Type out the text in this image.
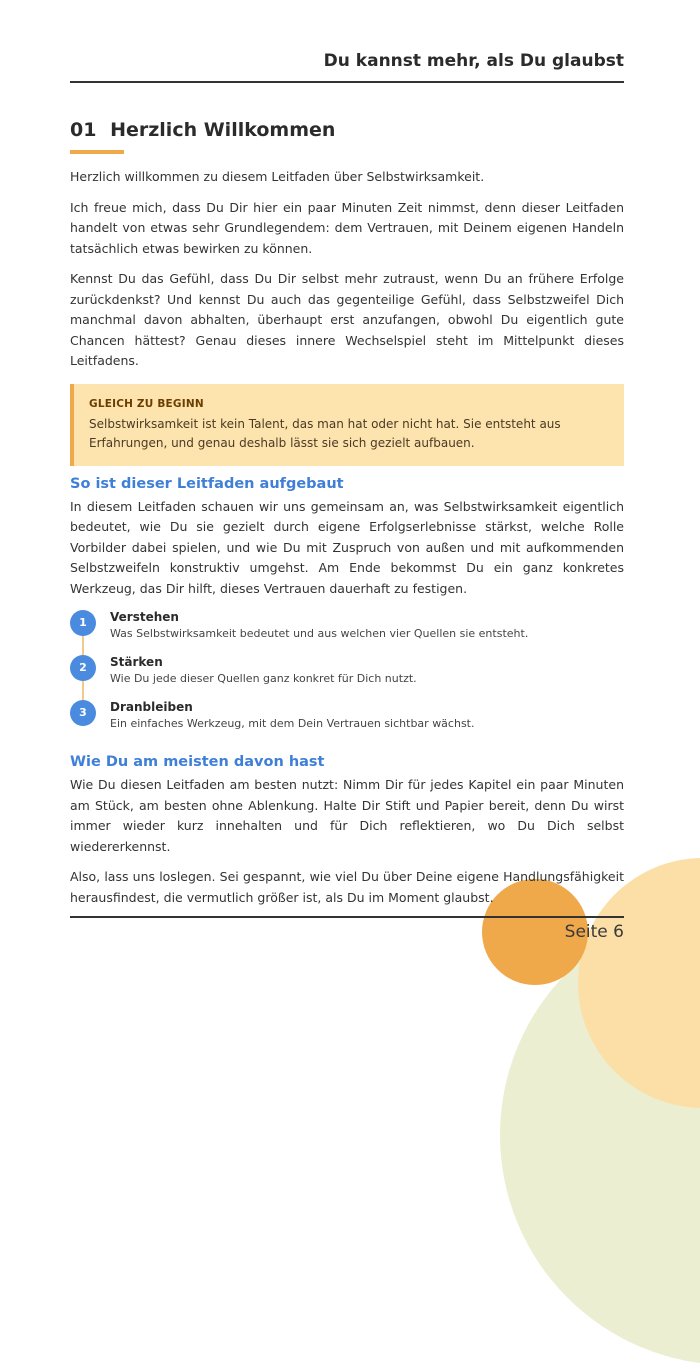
Du kannst mehr, als Du glaubst
01 Herzlich Willkommen

Herzlich willkommen zu diesem Leitfaden über Selbstwirksamkeit.

Ich freue mich, dass Du Dir hier ein paar Minuten Zeit nimmst, denn dieser Leitfaden handelt von etwas sehr Grundlegendem: dem Vertrauen, mit Deinem eigenen Handeln tatsächlich etwas bewirken zu können.

Kennst Du das Gefühl, dass Du Dir selbst mehr zutraust, wenn Du an frühere Erfolge zurückdenkst? Und kennst Du auch das gegenteilige Gefühl, dass Selbstzweifel Dich manchmal davon abhalten, überhaupt erst anzufangen, obwohl Du eigentlich gute Chancen hättest? Genau dieses innere Wechselspiel steht im Mittelpunkt dieses Leitfadens.

GLEICH ZU BEGINN
Selbstwirksamkeit ist kein Talent, das man hat oder nicht hat. Sie entsteht aus Erfahrungen, und genau deshalb lässt sie sich gezielt aufbauen.
So ist dieser Leitfaden aufgebaut

In diesem Leitfaden schauen wir uns gemeinsam an, was Selbstwirksamkeit eigentlich bedeutet, wie Du sie gezielt durch eigene Erfolgserlebnisse stärkst, welche Rolle Vorbilder dabei spielen, und wie Du mit Zuspruch von außen und mit aufkommenden Selbstzweifeln konstruktiv umgehst. Am Ende bekommst Du ein ganz konkretes Werkzeug, das Dir hilft, dieses Vertrauen dauerhaft zu festigen.

1	Verstehen
Was Selbstwirksamkeit bedeutet und aus welchen vier Quellen sie entsteht.
2	Stärken
Wie Du jede dieser Quellen ganz konkret für Dich nutzt.
3	Dranbleiben
Ein einfaches Werkzeug, mit dem Dein Vertrauen sichtbar wächst.
Wie Du am meisten davon hast

Wie Du diesen Leitfaden am besten nutzt: Nimm Dir für jedes Kapitel ein paar Minuten am Stück, am besten ohne Ablenkung. Halte Dir Stift und Papier bereit, denn Du wirst immer wieder kurz innehalten und für Dich reflektieren, wo Du Dich selbst wiedererkennst.

Also, lass uns loslegen. Sei gespannt, wie viel Du über Deine eigene Handlungsfähigkeit herausfindest, die vermutlich größer ist, als Du im Moment glaubst.

Seite 6
